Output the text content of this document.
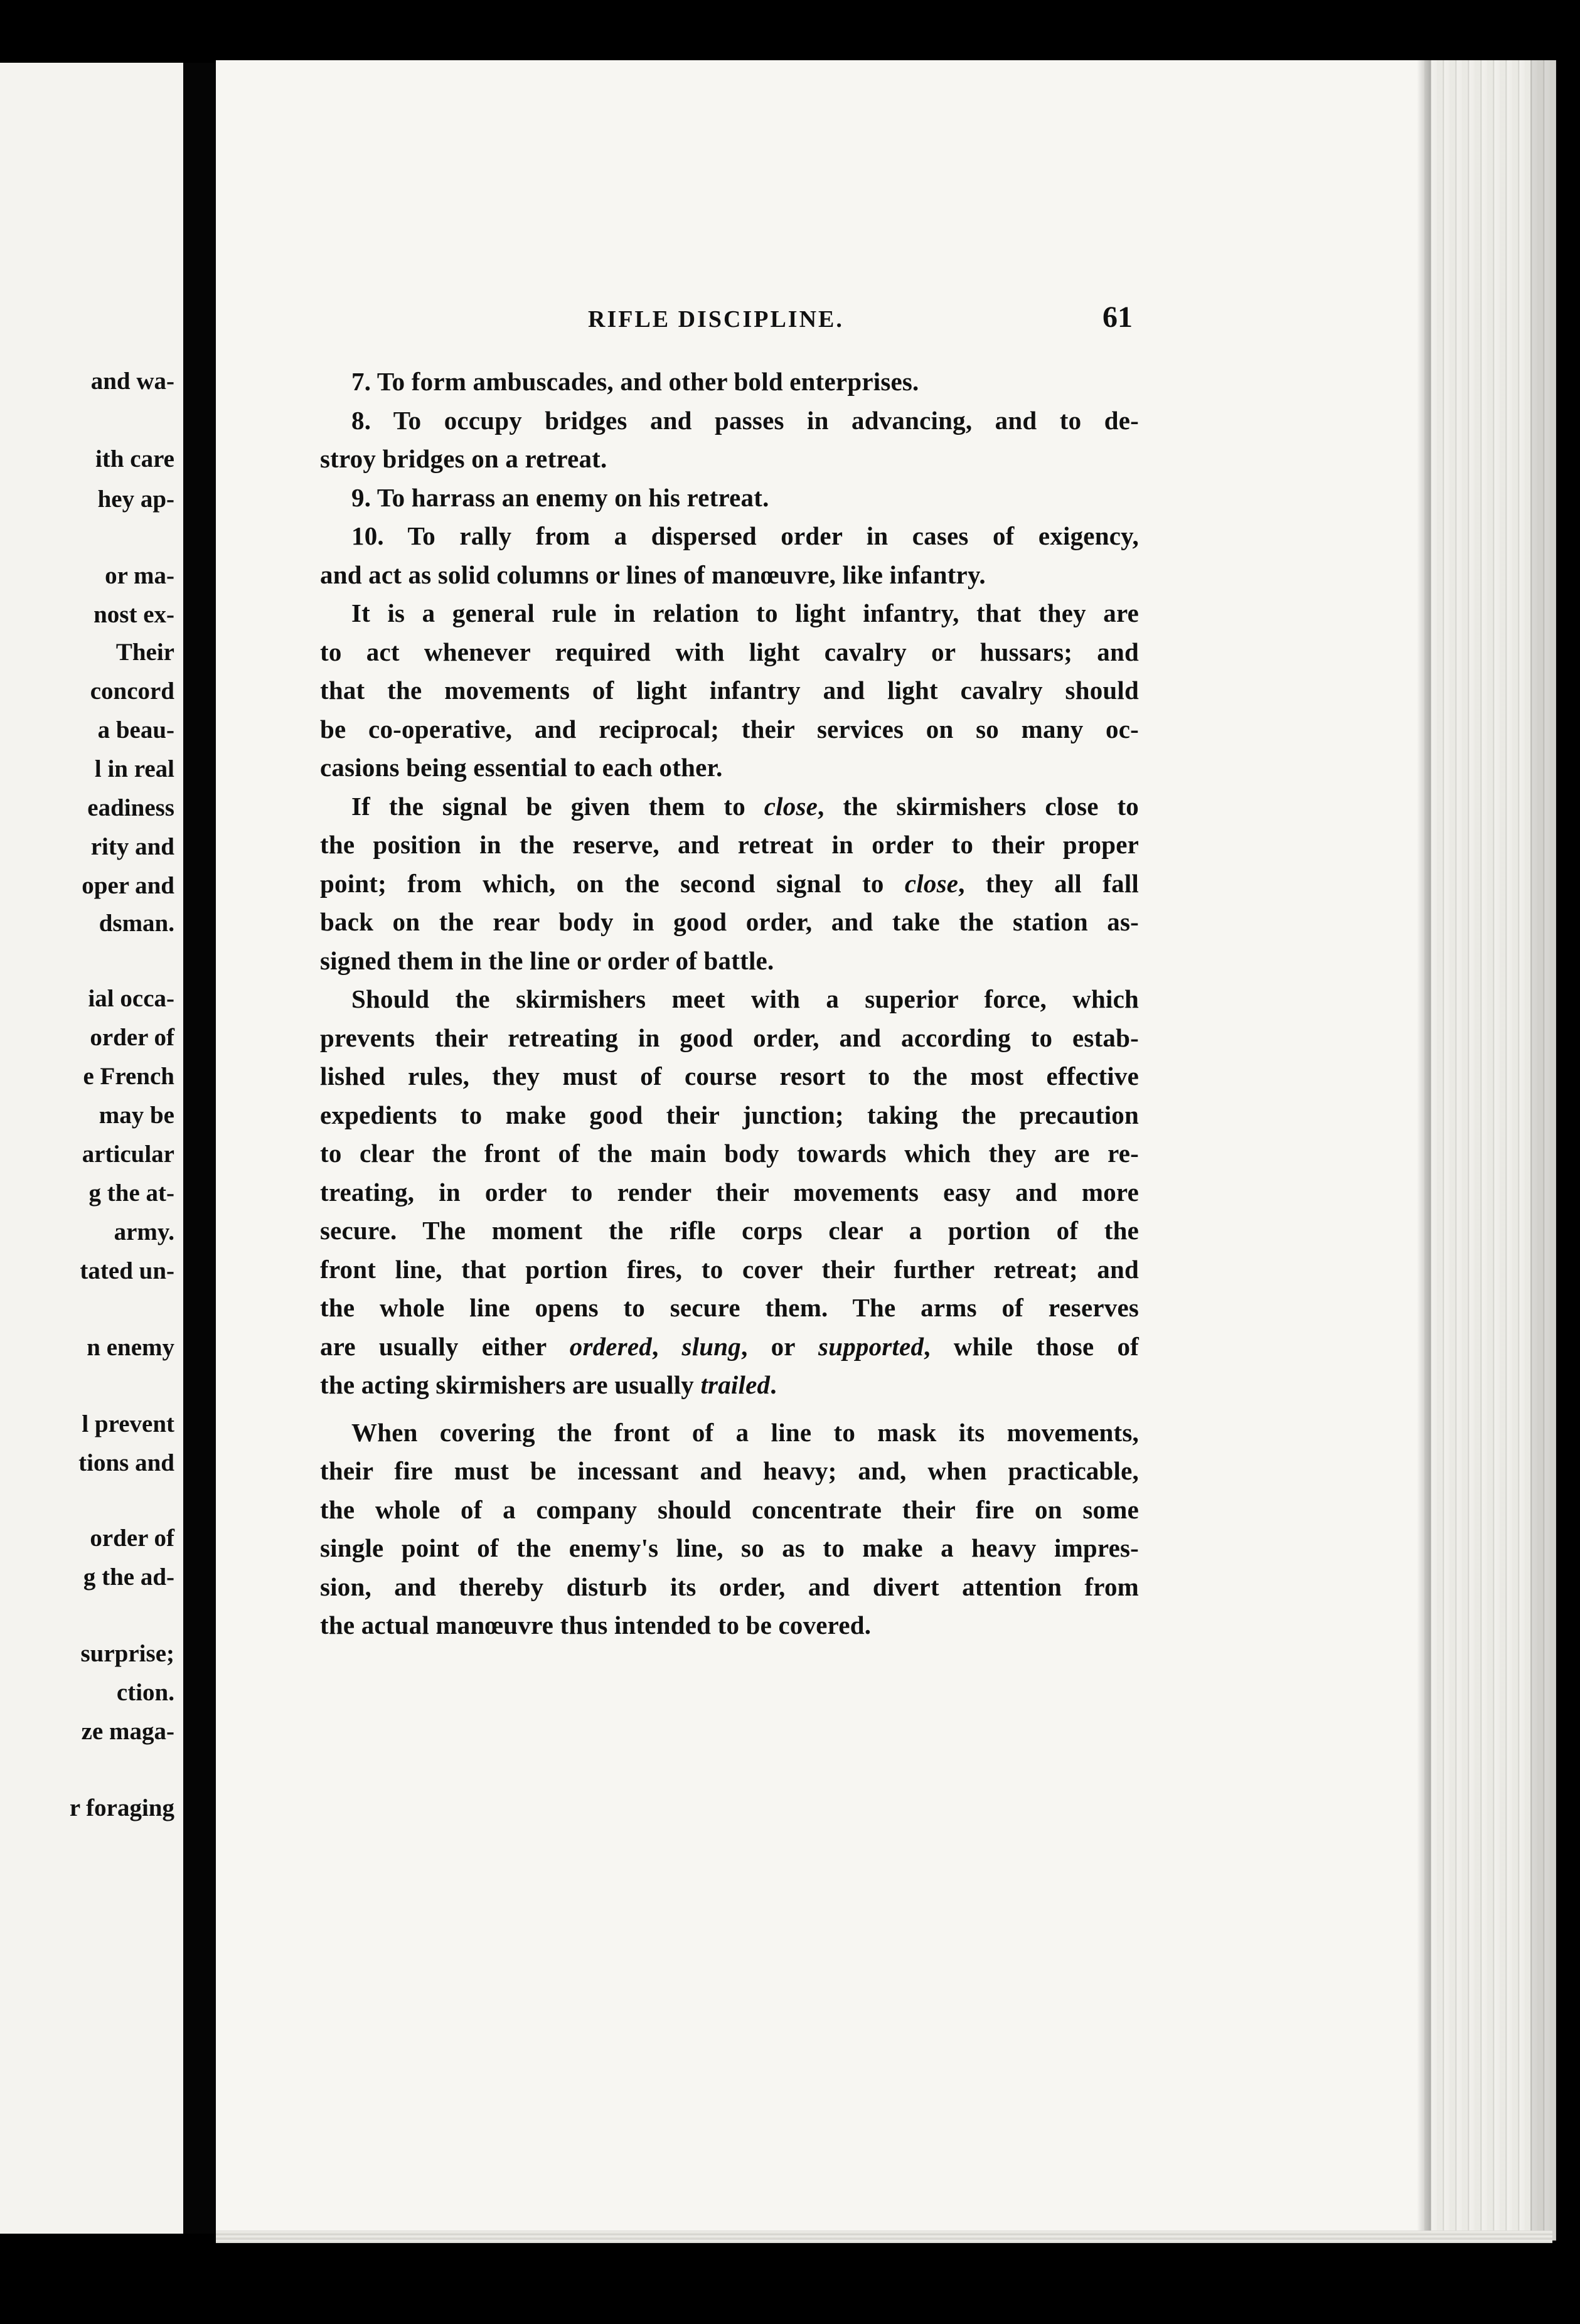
and wa-
ith care
hey ap-
or ma-
nost ex-
Their
concord
a beau-
l in real
eadiness
rity and
oper and
dsman.
ial occa-
order of
e French
may be
articular
g the at-
army.
tated un-
n enemy
l prevent
tions and
order of
g the ad-
surprise;
ction.
ze maga-
r foraging
RIFLE DISCIPLINE.	61
7. To form ambuscades, and other bold enterprises.
8. To occupy bridges and passes in advancing, and to de-
stroy bridges on a retreat.
9. To harrass an enemy on his retreat.
10. To rally from a dispersed order in cases of exigency,
and act as solid columns or lines of manœuvre, like infantry.
It is a general rule in relation to light infantry, that they are
to act whenever required with light cavalry or hussars; and
that the movements of light infantry and light cavalry should
be co-operative, and reciprocal; their services on so many oc-
casions being essential to each other.
If the signal be given them to close, the skirmishers close to
the position in the reserve, and retreat in order to their proper
point; from which, on the second signal to close, they all fall
back on the rear body in good order, and take the station as-
signed them in the line or order of battle.
Should the skirmishers meet with a superior force, which
prevents their retreating in good order, and according to estab-
lished rules, they must of course resort to the most effective
expedients to make good their junction; taking the precaution
to clear the front of the main body towards which they are re-
treating, in order to render their movements easy and more
secure. The moment the rifle corps clear a portion of the
front line, that portion fires, to cover their further retreat; and
the whole line opens to secure them. The arms of reserves
are usually either ordered, slung, or supported, while those of
the acting skirmishers are usually trailed.
When covering the front of a line to mask its movements,
their fire must be incessant and heavy; and, when practicable,
the whole of a company should concentrate their fire on some
single point of the enemy's line, so as to make a heavy impres-
sion, and thereby disturb its order, and divert attention from
the actual manœuvre thus intended to be covered.
